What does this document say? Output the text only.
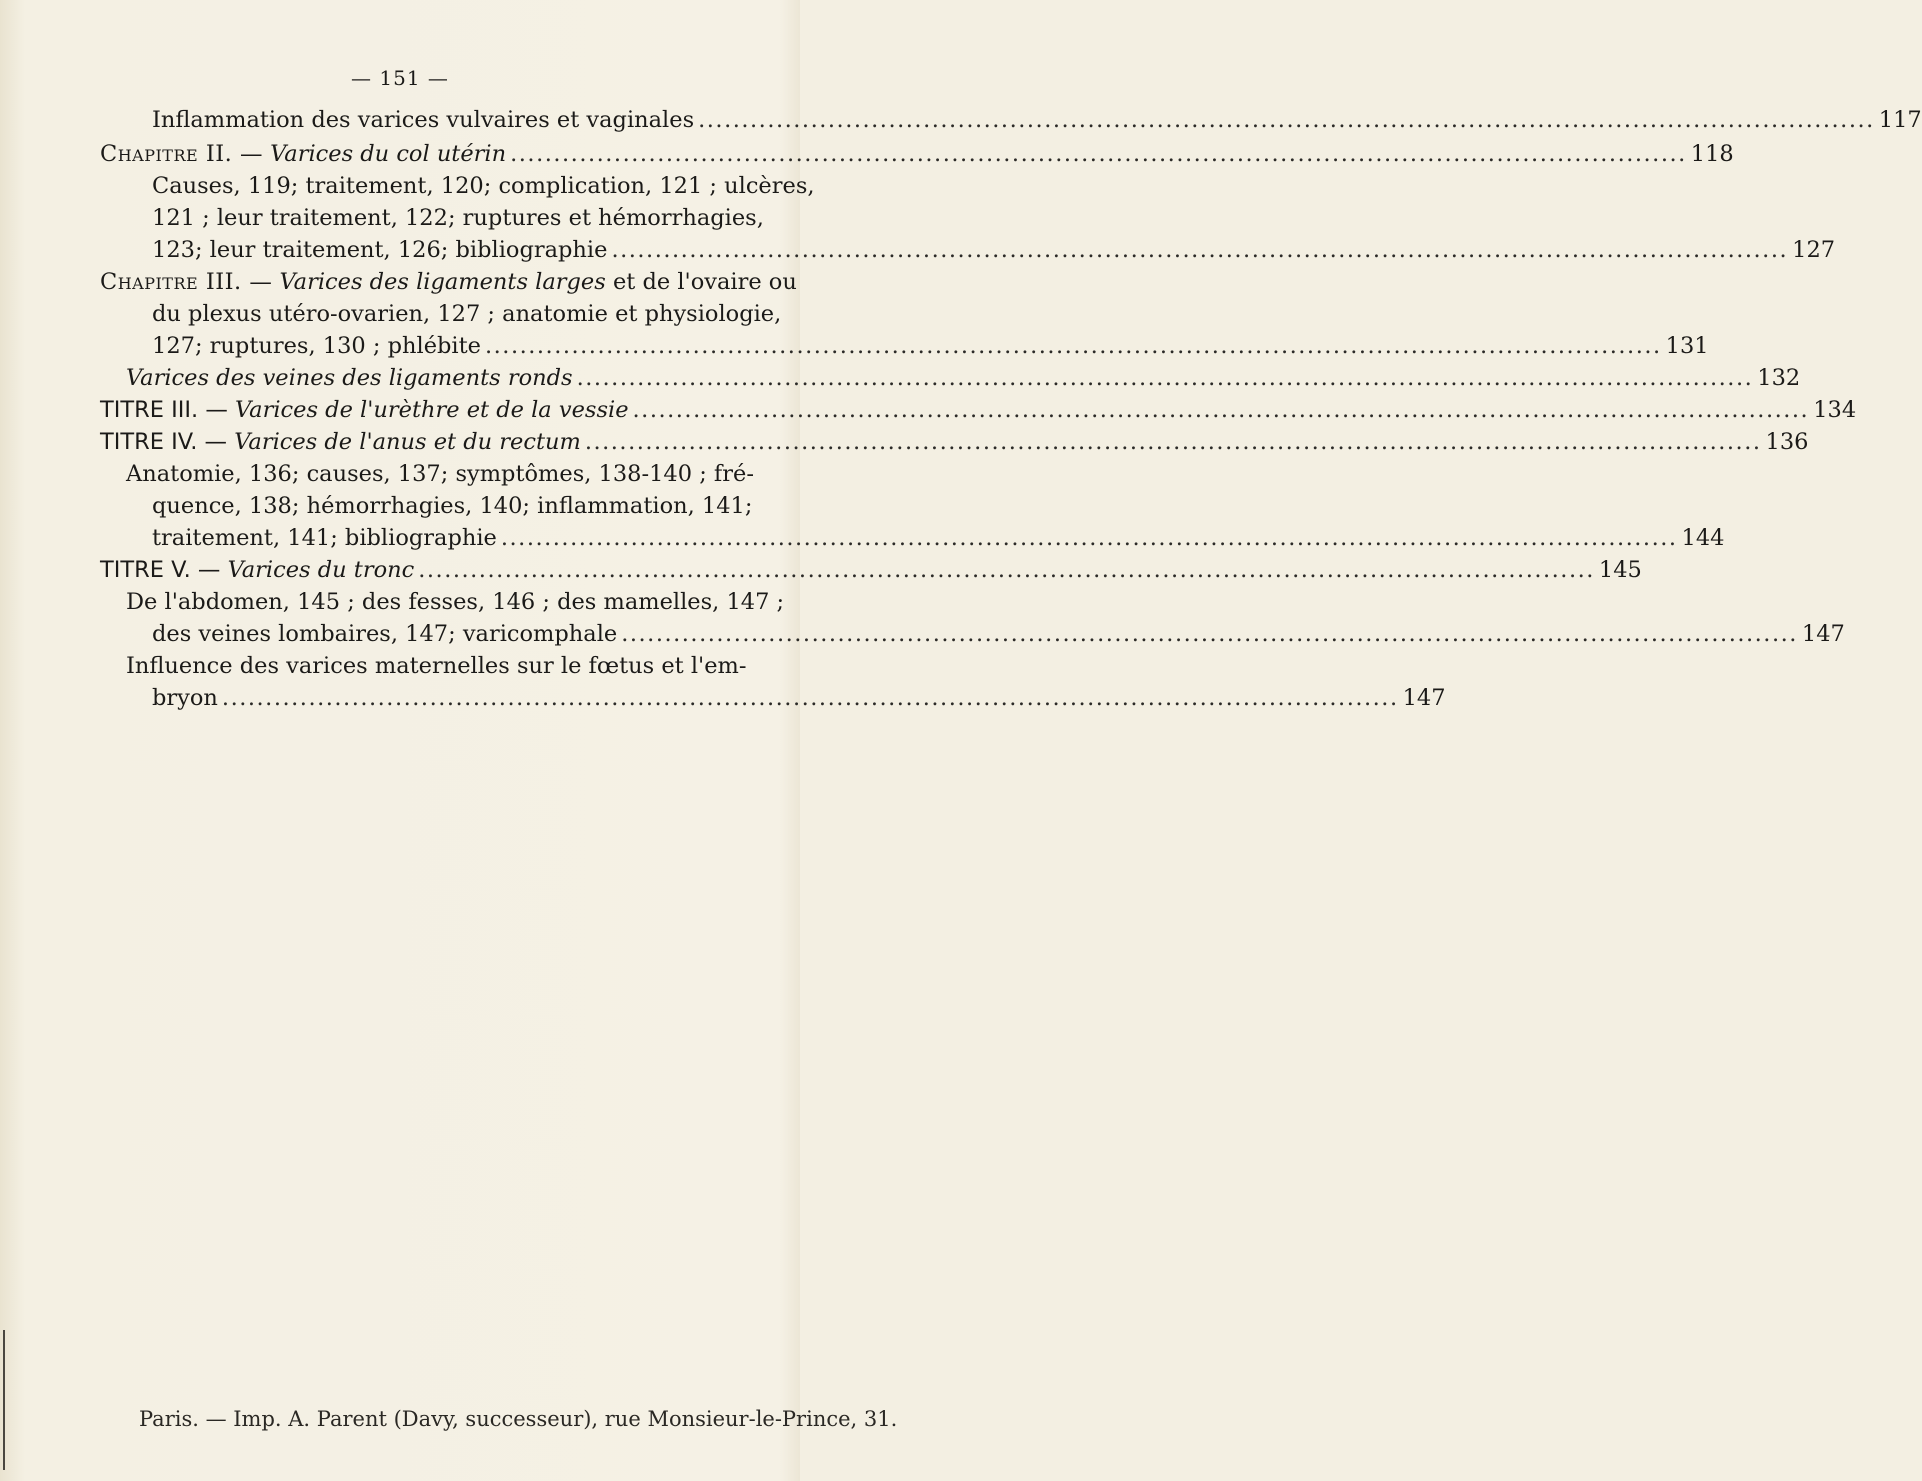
— 151 —
Inflammation des varices vulvaires et vaginales .....	117
Chapitre II. — Varices du col utérin .....	118
Causes, 119; traitement, 120; complication, 121 ; ulcères,
121 ; leur traitement, 122; ruptures et hémorrhagies,
123; leur traitement, 126; bibliographie .....	127
Chapitre III. — Varices des ligaments larges et de l'ovaire ou
du plexus utéro-ovarien, 127 ; anatomie et physiologie,
127; ruptures, 130 ; phlébite .....	131
Varices des veines des ligaments ronds .....	132
TITRE III. — Varices de l'urèthre et de la vessie .....	134
TITRE IV. — Varices de l'anus et du rectum .....	136
Anatomie, 136; causes, 137; symptômes, 138-140 ; fré-
quence, 138; hémorrhagies, 140; inflammation, 141;
traitement, 141; bibliographie .....	144
TITRE V. — Varices du tronc .....	145
De l'abdomen, 145 ; des fesses, 146 ; des mamelles, 147 ;
des veines lombaires, 147; varicomphale .....	147
Influence des varices maternelles sur le fœtus et l'em-
bryon .....	147
Paris. — Imp. A. Parent (Davy, successeur), rue Monsieur-le-Prince, 31.
